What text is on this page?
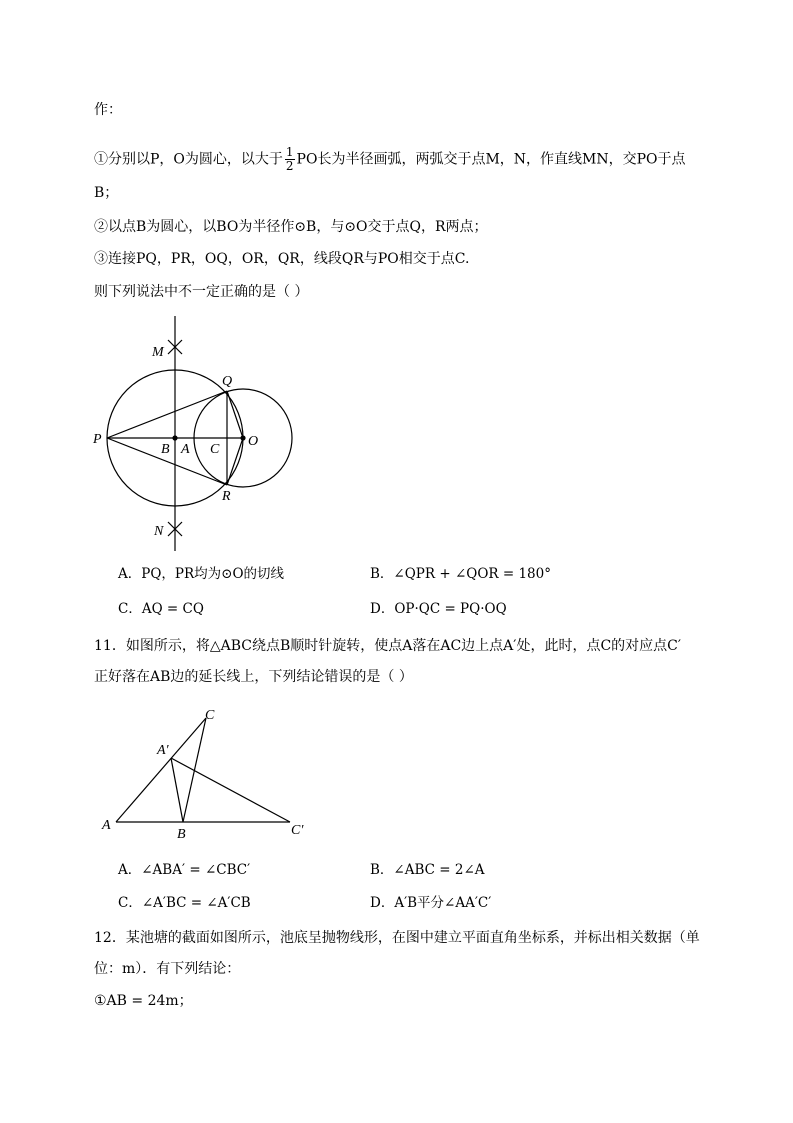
作：
①分别以P，O为圆心，以大于 $\frac{1}{2}$ PO长为半径画弧，两弧交于点M，N，作直线MN，交PO于点
B；
②以点B为圆心，以BO为半径作⊙B，与⊙O交于点Q，R两点；
③连接PQ，PR，OQ，OR，QR，线段QR与PO相交于点C.
则下列说法中不一定正确的是（ ）
M
Q
P
B A C
O
R
N
A．PQ，PR均为⊙O的切线	B．∠QPR + ∠QOR = 180°
C．AQ = CQ	D．OP·QC = PQ·OQ
11．如图所示，将△ABC绕点B顺时针旋转，使点A落在AC边上点A′处，此时，点C的对应点C′
正好落在AB边的延长线上，下列结论错误的是（ ）
C
A′
A
B	C′
A．∠ABA′ = ∠CBC′	B．∠ABC = 2∠A
C．∠A′BC = ∠A′CB	D．A′B平分∠AA′C′
12．某池塘的截面如图所示，池底呈抛物线形，在图中建立平面直角坐标系，并标出相关数据（单
位：m）．有下列结论：
①AB = 24m；
